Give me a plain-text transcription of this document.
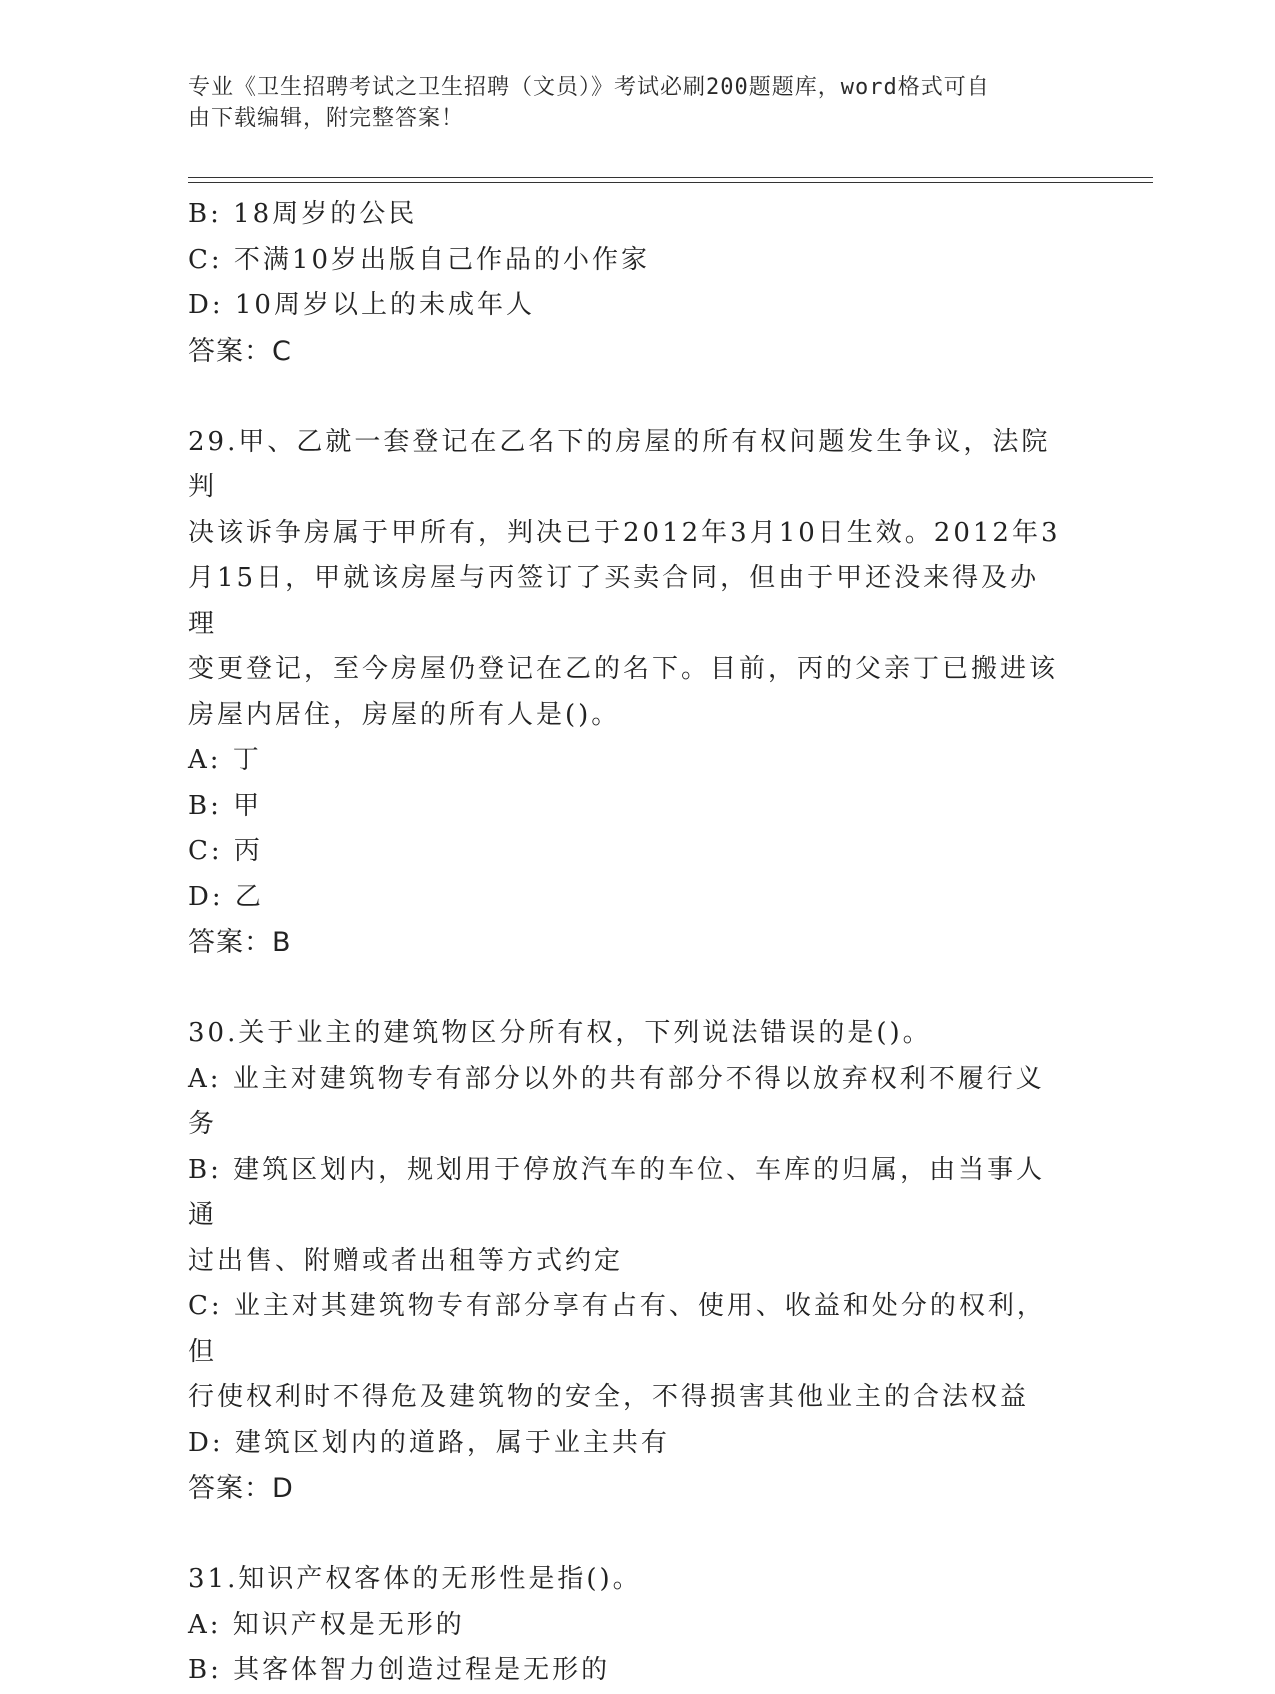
专业《卫生招聘考试之卫生招聘（文员）》考试必刷200题题库，word格式可自
由下载编辑，附完整答案！
B: 18周岁的公民
C: 不满10岁出版自己作品的小作家
D: 10周岁以上的未成年人
答案：C
29.甲、乙就一套登记在乙名下的房屋的所有权问题发生争议，法院判
决该诉争房属于甲所有，判决已于2012年3月10日生效。2012年3
月15日，甲就该房屋与丙签订了买卖合同，但由于甲还没来得及办理
变更登记，至今房屋仍登记在乙的名下。目前，丙的父亲丁已搬进该
房屋内居住，房屋的所有人是()。
A: 丁
B: 甲
C: 丙
D: 乙
答案：B
30.关于业主的建筑物区分所有权，下列说法错误的是()。
A: 业主对建筑物专有部分以外的共有部分不得以放弃权利不履行义务
B: 建筑区划内，规划用于停放汽车的车位、车库的归属，由当事人通
过出售、附赠或者出租等方式约定
C: 业主对其建筑物专有部分享有占有、使用、收益和处分的权利，但
行使权利时不得危及建筑物的安全，不得损害其他业主的合法权益
D: 建筑区划内的道路，属于业主共有
答案：D
31.知识产权客体的无形性是指()。
A: 知识产权是无形的
B: 其客体智力创造过程是无形的
